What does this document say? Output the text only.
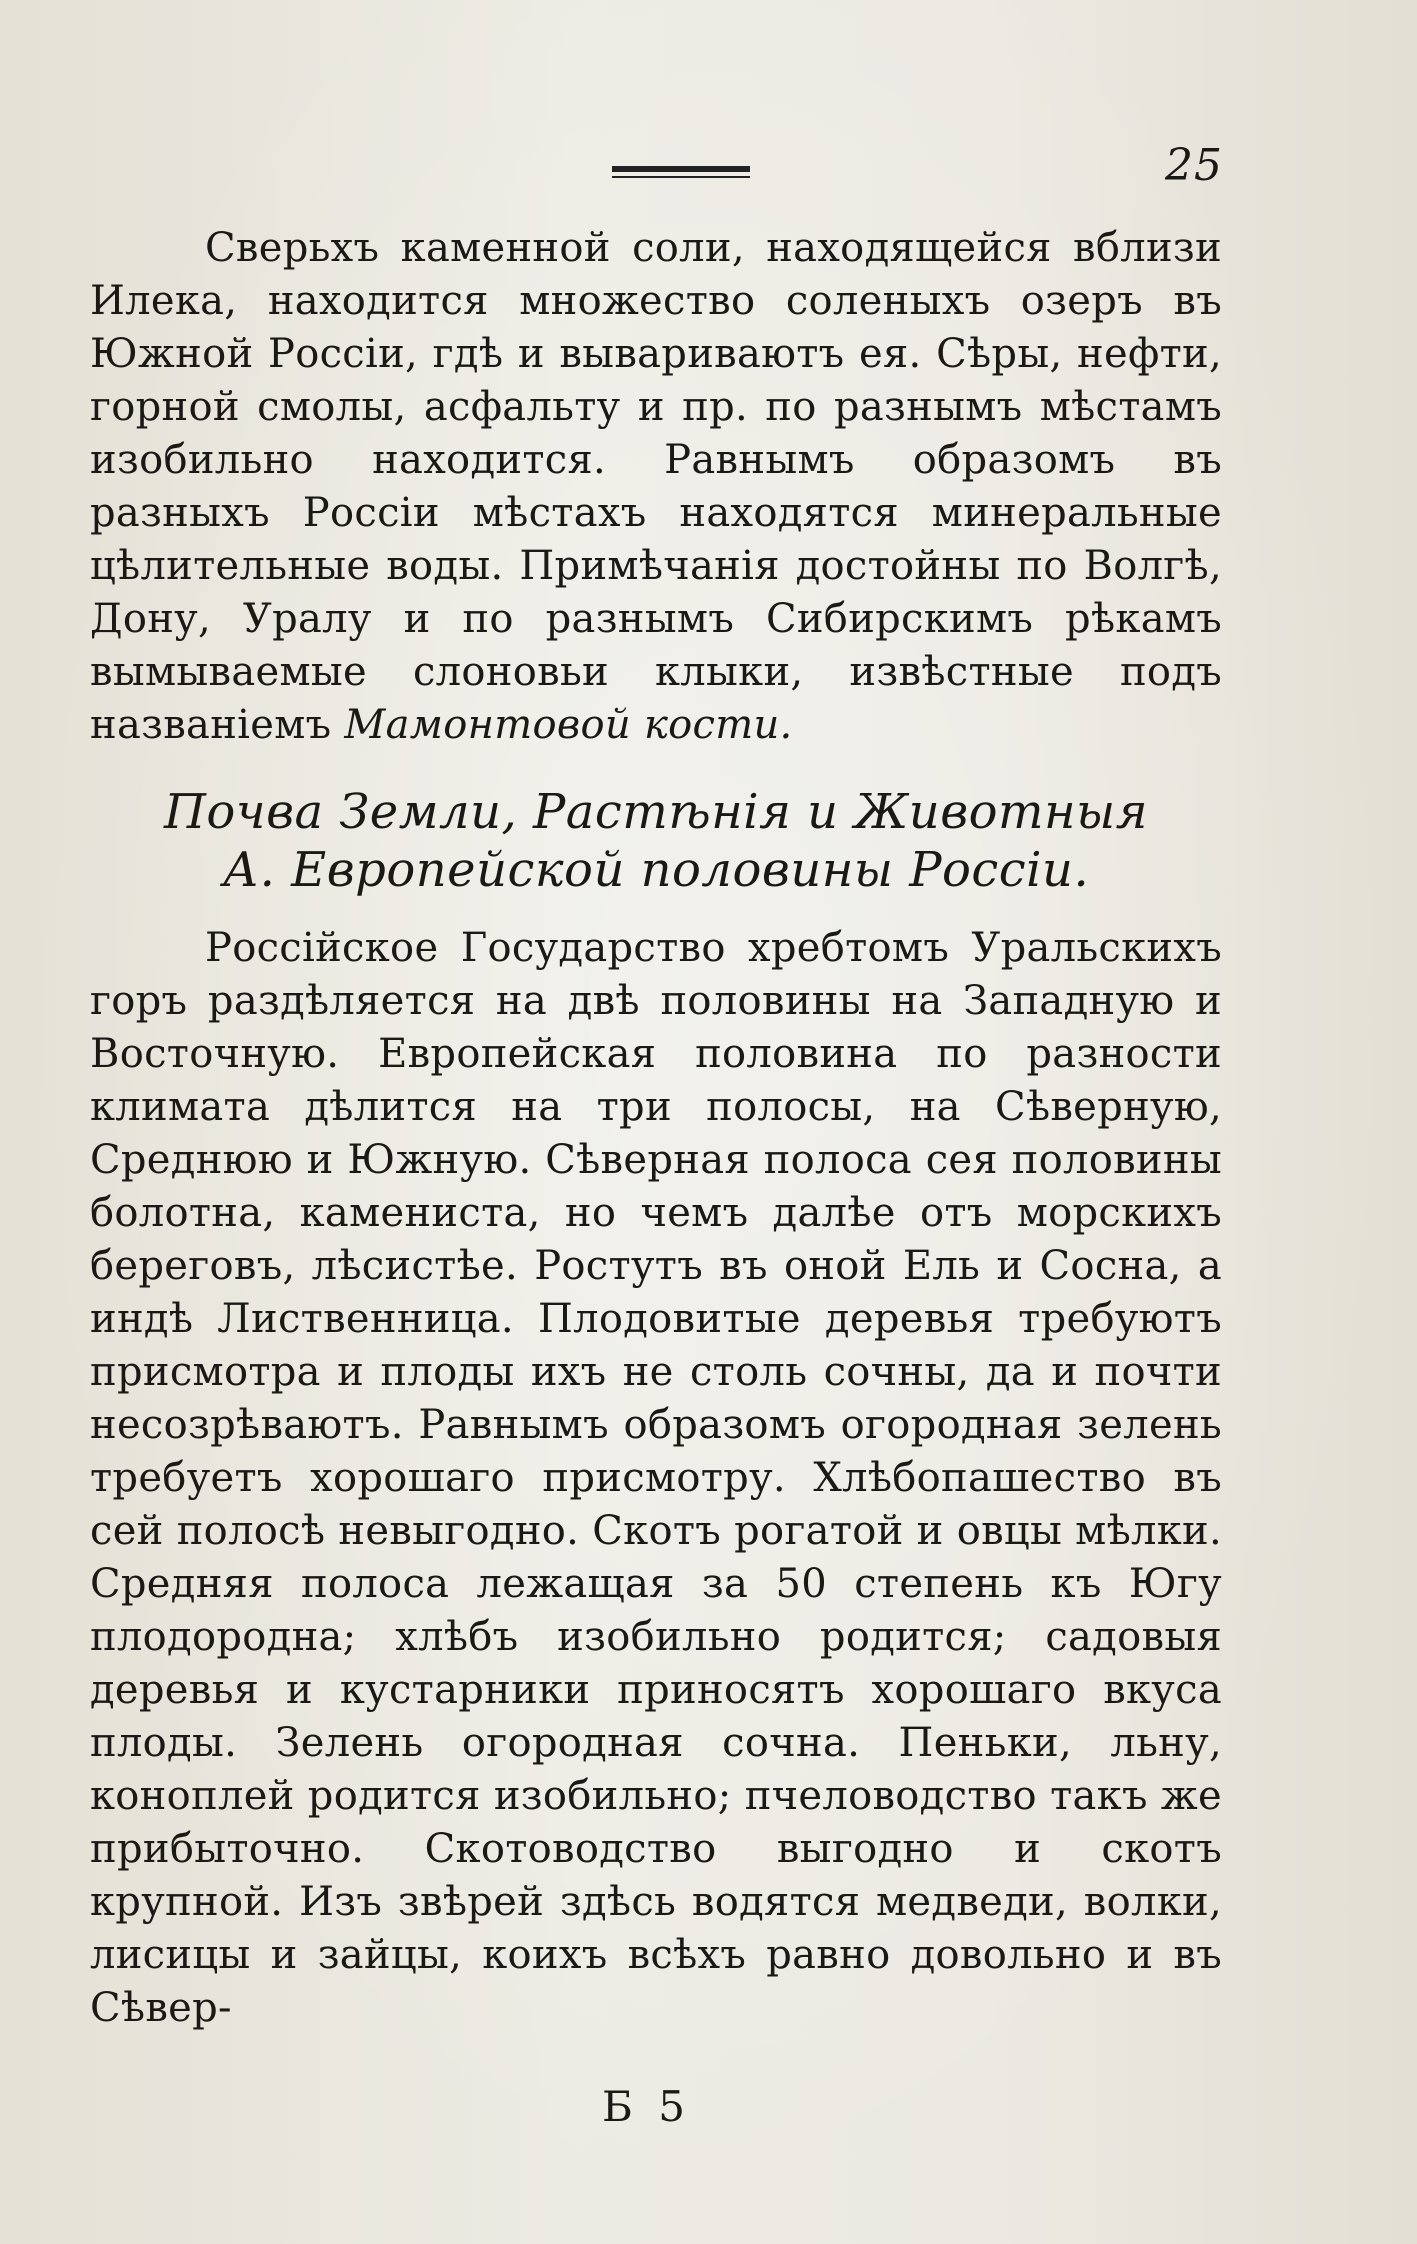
25

Сверьхъ каменной соли, находящейся вблизи Илека, находится множество соленыхъ озеръ въ Южной Россіи, гдѣ и вывариваютъ ея. Сѣры, нефти, горной смолы, асфальту и пр. по разнымъ мѣстамъ изобильно находится. Равнымъ образомъ въ разныхъ Россіи мѣстахъ находятся минеральные цѣлительные воды. Примѣчанія достойны по Волгѣ, Дону, Уралу и по разнымъ Сибирскимъ рѣкамъ вымываемые слоновьи клыки, извѣстные подъ названіемъ Мамонтовой кости.

Почва Земли, Растѣнія и Животныя
А. Европейской половины Россіи.

Россійское Государство хребтомъ Уральскихъ горъ раздѣляется на двѣ половины на Западную и Восточную. Европейская половина по разности климата дѣлится на три полосы, на Сѣверную, Среднюю и Южную. Сѣверная полоса сея половины болотна, каменистa, но чемъ далѣе отъ морскихъ береговъ, лѣсистѣе. Ростутъ въ оной Ель и Сосна, а индѣ Лиственница. Плодовитые деревья требуютъ присмотра и плоды ихъ не столь сочны, да и почти несозрѣваютъ. Равнымъ образомъ огородная зелень требуетъ хорошаго присмотру. Хлѣбопашество въ сей полосѣ невыгодно. Скотъ рогатой и овцы мѣлки. Средняя полоса лежащая за 50 степень къ Югу плодородна; хлѣбъ изобильно родится; садовыя деревья и кустарники приносятъ хорошаго вкуса плоды. Зелень огородная сочна. Пеньки, льну, коноплей родится изобильно; пчеловодство такъ же прибыточно. Скотоводство выгодно и скотъ крупной. Изъ звѣрей здѣсь водятся медведи, волки, лисицы и зайцы, коихъ всѣхъ равно довольно и въ Сѣвер-

Б 5
